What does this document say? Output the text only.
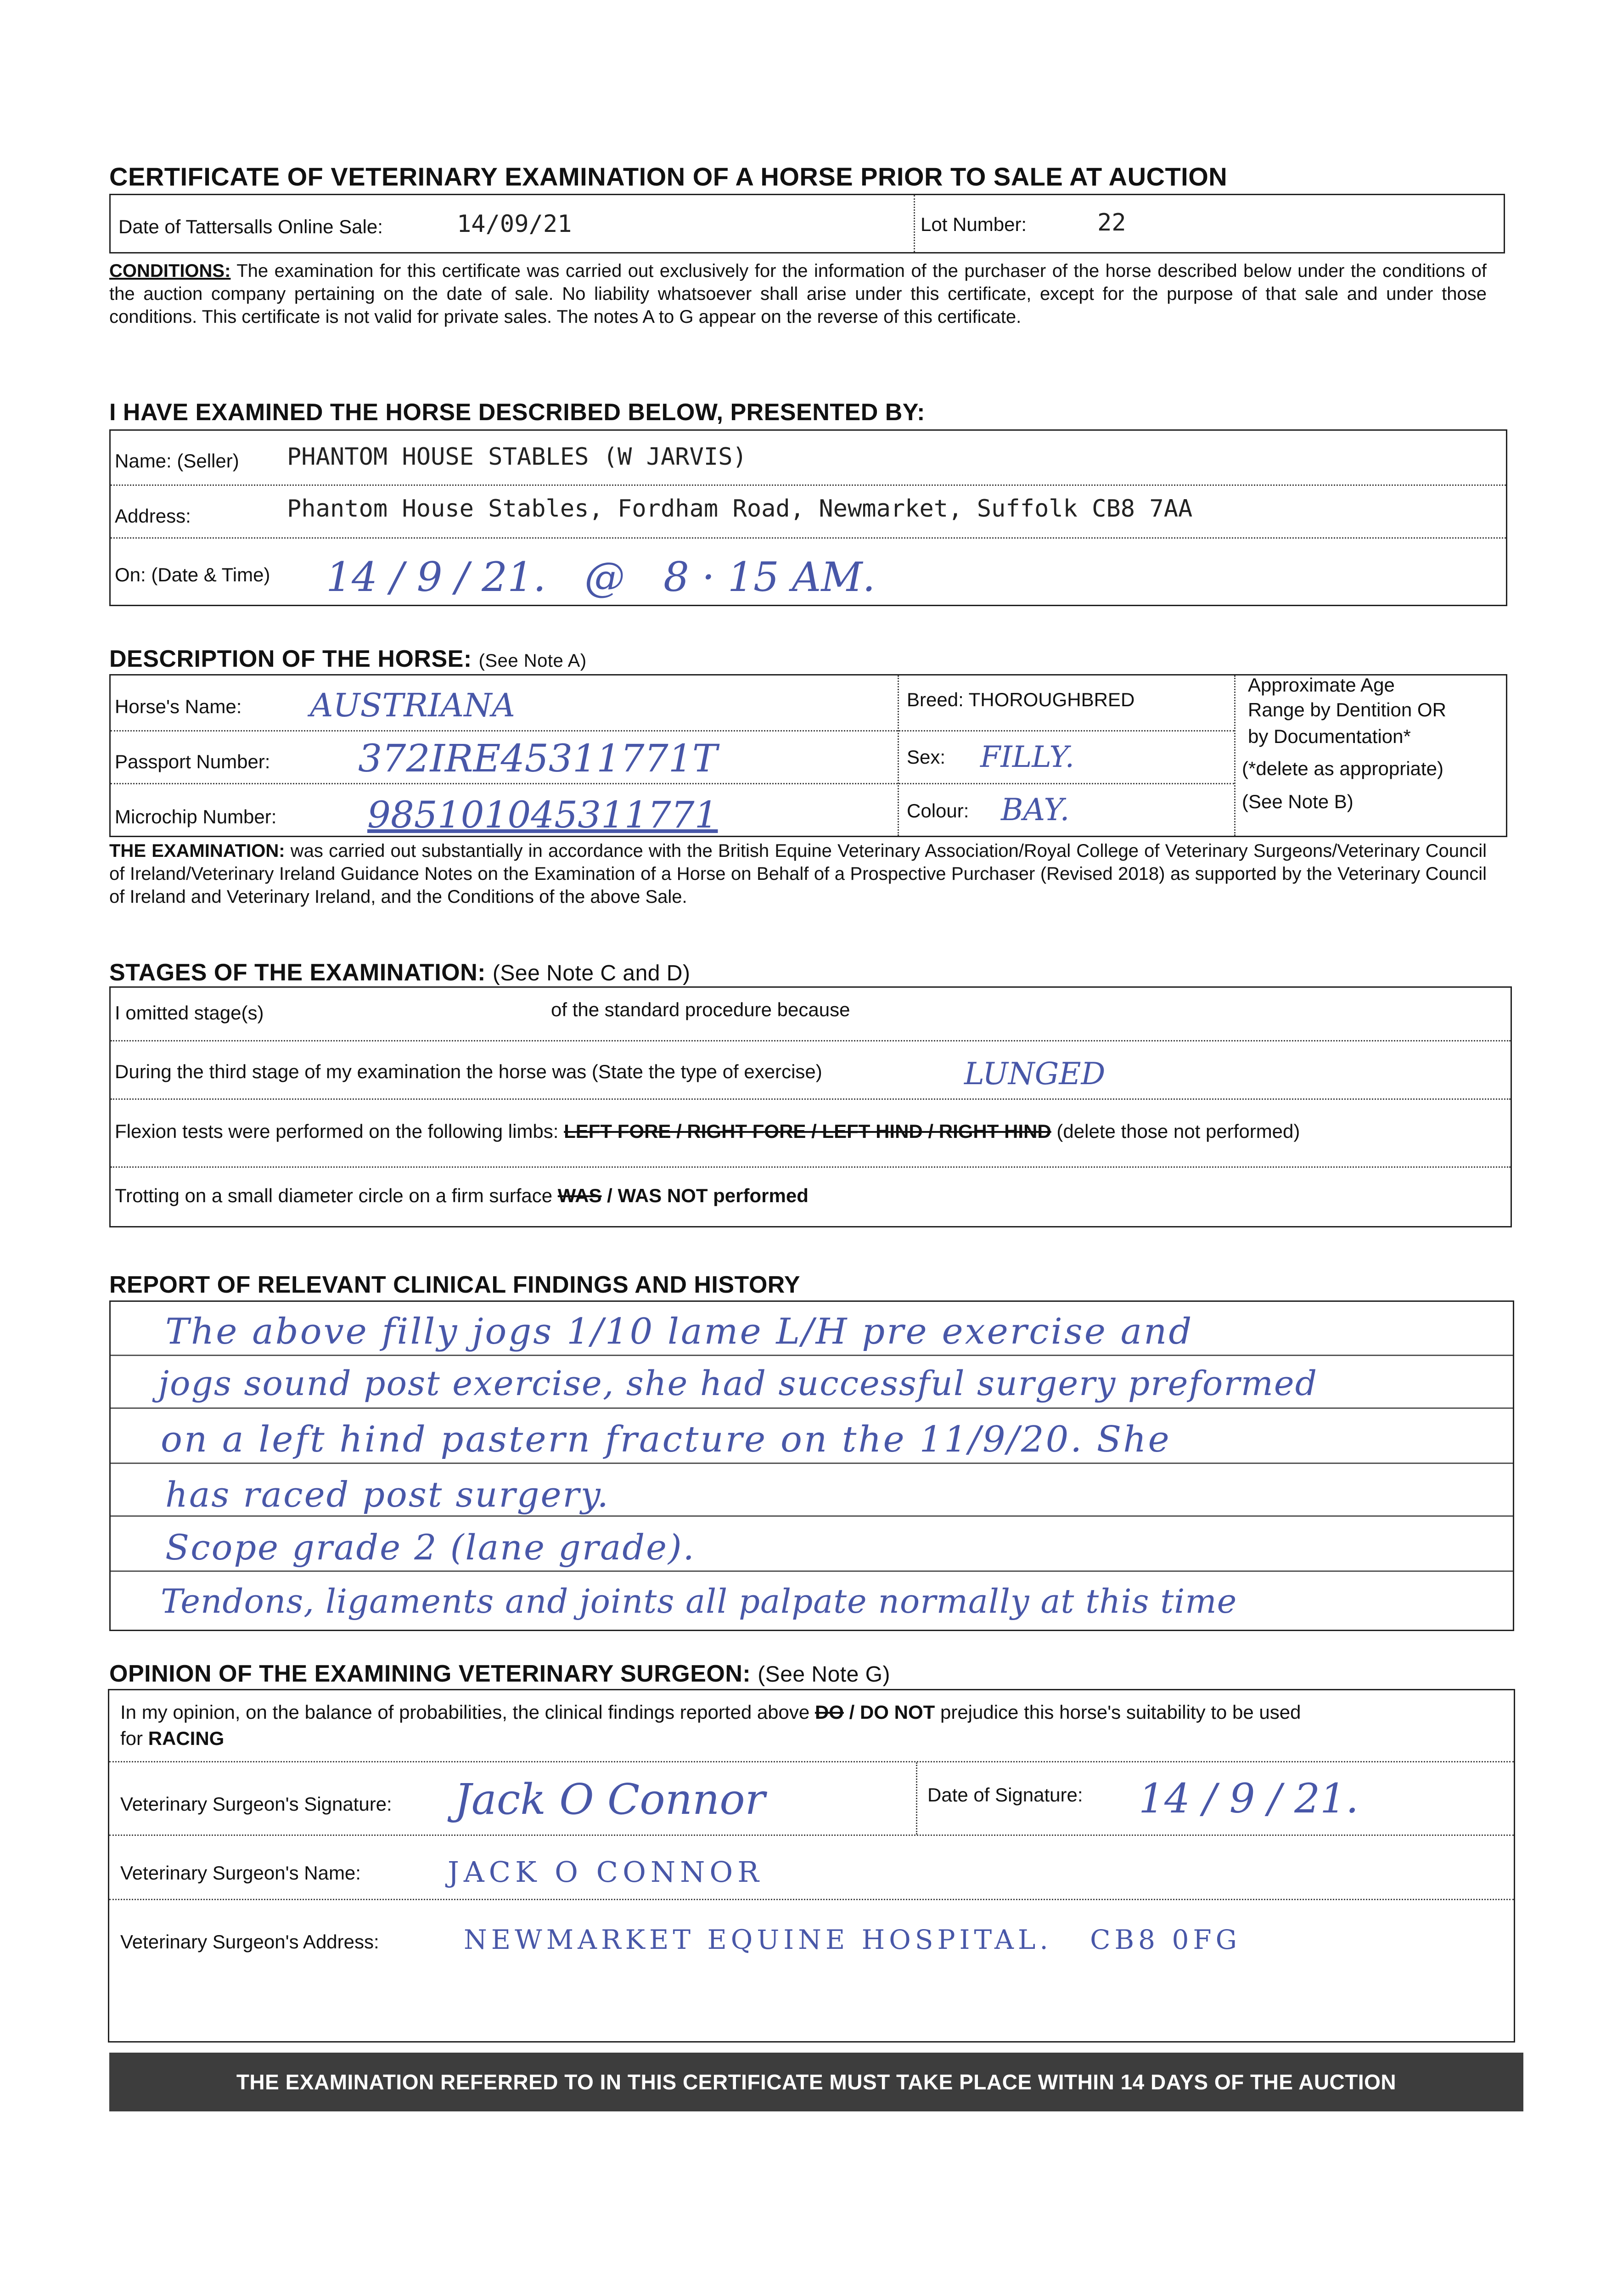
CERTIFICATE OF VETERINARY EXAMINATION OF A HORSE PRIOR TO SALE AT AUCTION
Date of Tattersalls Online Sale:	14/09/21	Lot Number:	22
CONDITIONS: The examination for this certificate was carried out exclusively for the information of the purchaser of the horse described below under the conditions of the auction company pertaining on the date of sale. No liability whatsoever shall arise under this certificate, except for the purpose of that sale and under those conditions. This certificate is not valid for private sales. The notes A to G appear on the reverse of this certificate.
I HAVE EXAMINED THE HORSE DESCRIBED BELOW, PRESENTED BY:
Name: (Seller) PHANTOM HOUSE STABLES (W JARVIS)
Address:	Phantom House Stables, Fordham Road, Newmarket, Suffolk CB8 7AA
On: (Date & Time) 14 / 9 / 21.   @   8 · 15 AM.
DESCRIPTION OF THE HORSE: (See Note A)
Horse's Name: AUSTRIANA
Passport Number: 372IRE45311771T
Microchip Number: 985101045311771
Breed: THOROUGHBRED
Sex: FILLY.
Colour: BAY.
Approximate Age
Range by Dentition OR
by Documentation*
(*delete as appropriate)
(See Note B)
THE EXAMINATION: was carried out substantially in accordance with the British Equine Veterinary Association/Royal College of Veterinary Surgeons/Veterinary Council of Ireland/Veterinary Ireland Guidance Notes on the Examination of a Horse on Behalf of a Prospective Purchaser (Revised 2018) as supported by the Veterinary Council of Ireland and Veterinary Ireland, and the Conditions of the above Sale.
STAGES OF THE EXAMINATION: (See Note C and D)
I omitted stage(s)	of the standard procedure because
During the third stage of my examination the horse was (State the type of exercise)	LUNGED
Flexion tests were performed on the following limbs: LEFT FORE / RIGHT FORE / LEFT HIND / RIGHT HIND (delete those not performed)
Trotting on a small diameter circle on a firm surface WAS / WAS NOT performed
REPORT OF RELEVANT CLINICAL FINDINGS AND HISTORY
The above filly jogs 1/10 lame L/H pre exercise and
jogs sound post exercise, she had successful surgery preformed
on a left hind pastern fracture on the 11/9/20. She
has raced post surgery.
Scope grade 2 (lane grade).
Tendons, ligaments and joints all palpate normally at this time
OPINION OF THE EXAMINING VETERINARY SURGEON: (See Note G)
In my opinion, on the balance of probabilities, the clinical findings reported above DO / DO NOT prejudice this horse's suitability to be used
for RACING
Veterinary Surgeon's Signature: Jack O Connor	Date of Signature: 14 / 9 / 21.
Veterinary Surgeon's Name:	JACK O CONNOR
Veterinary Surgeon's Address:	NEWMARKET EQUINE HOSPITAL.   CB8 0FG
THE EXAMINATION REFERRED TO IN THIS CERTIFICATE MUST TAKE PLACE WITHIN 14 DAYS OF THE AUCTION
